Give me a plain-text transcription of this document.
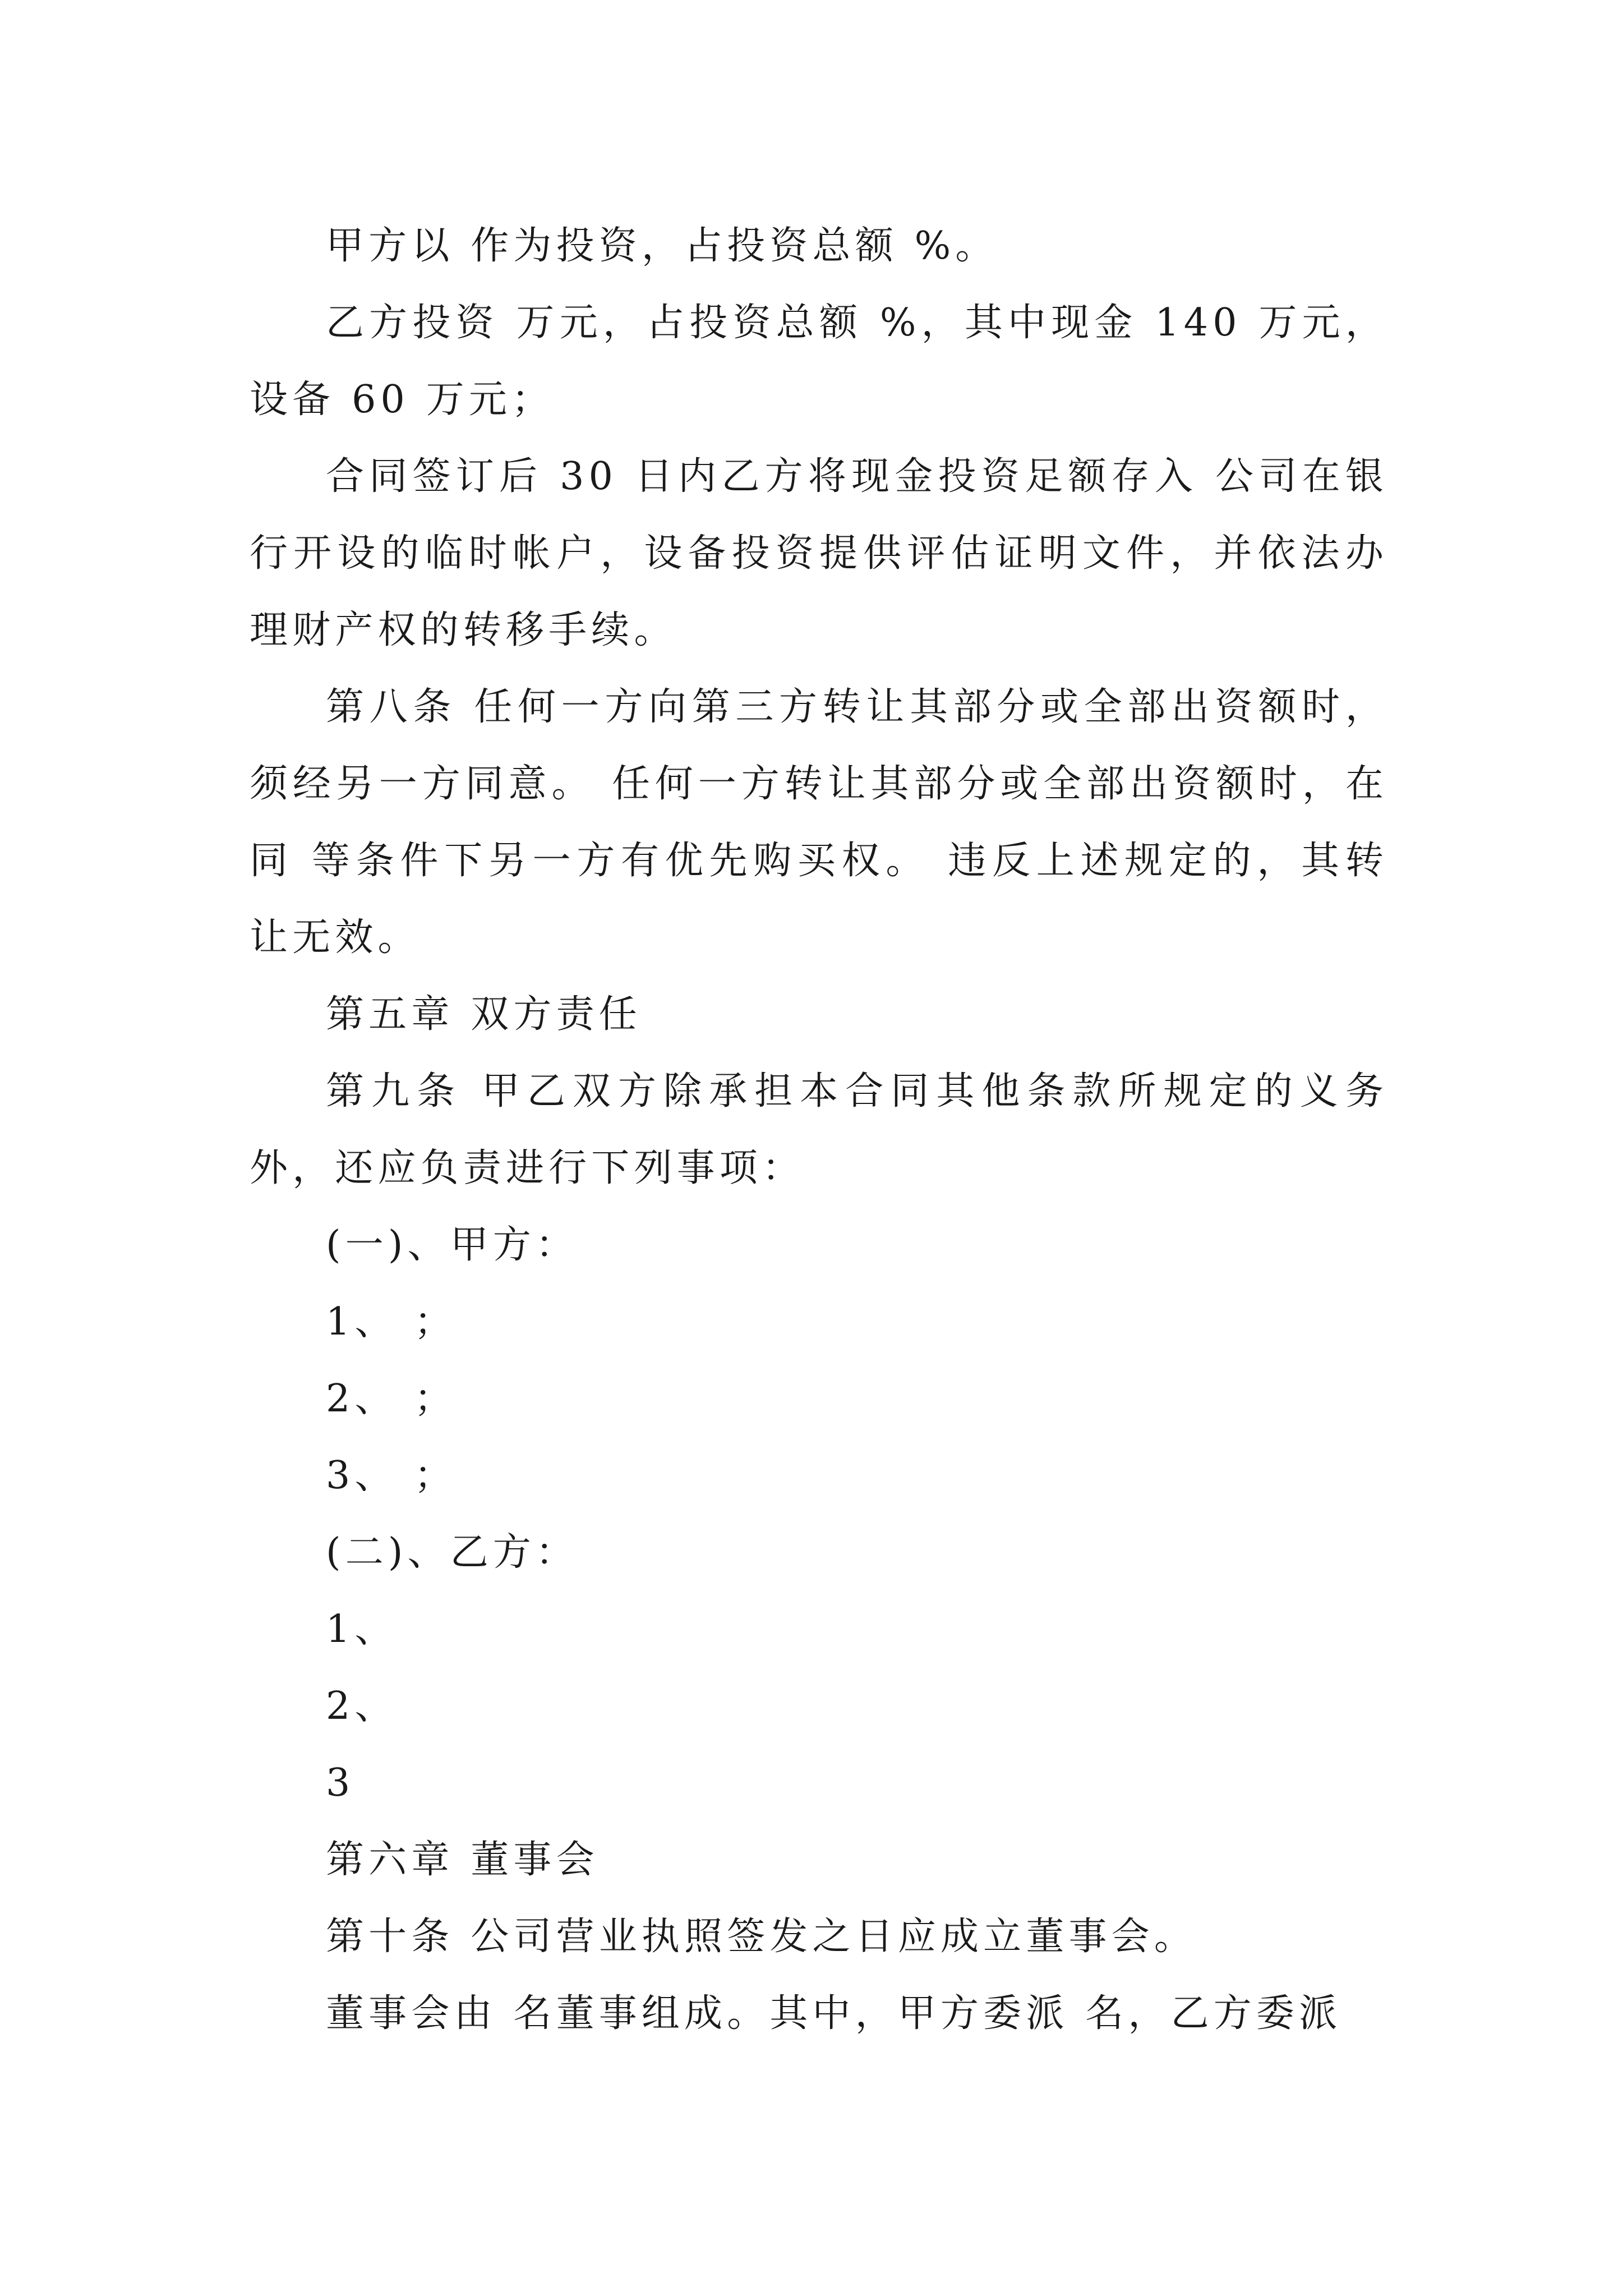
甲方以 作为投资，占投资总额 %。

乙方投资 万元，占投资总额 %，其中现金 140 万元，设备 60 万元；

合同签订后 30 日内乙方将现金投资足额存入 公司在银行开设的临时帐户，设备投资提供评估证明文件，并依法办理财产权的转移手续。

第八条 任何一方向第三方转让其部分或全部出资额时，须经另一方同意。 任何一方转让其部分或全部出资额时，在同 等条件下另一方有优先购买权。 违反上述规定的，其转让无效。

第五章 双方责任

第九条 甲乙双方除承担本合同其他条款所规定的义务外，还应负责进行下列事项：

(一)、甲方：

1、 ；

2、 ；

3、 ；

(二)、乙方：

1、

2、

3

第六章 董事会

第十条 公司营业执照签发之日应成立董事会。

董事会由 名董事组成。其中，甲方委派 名，乙方委派
